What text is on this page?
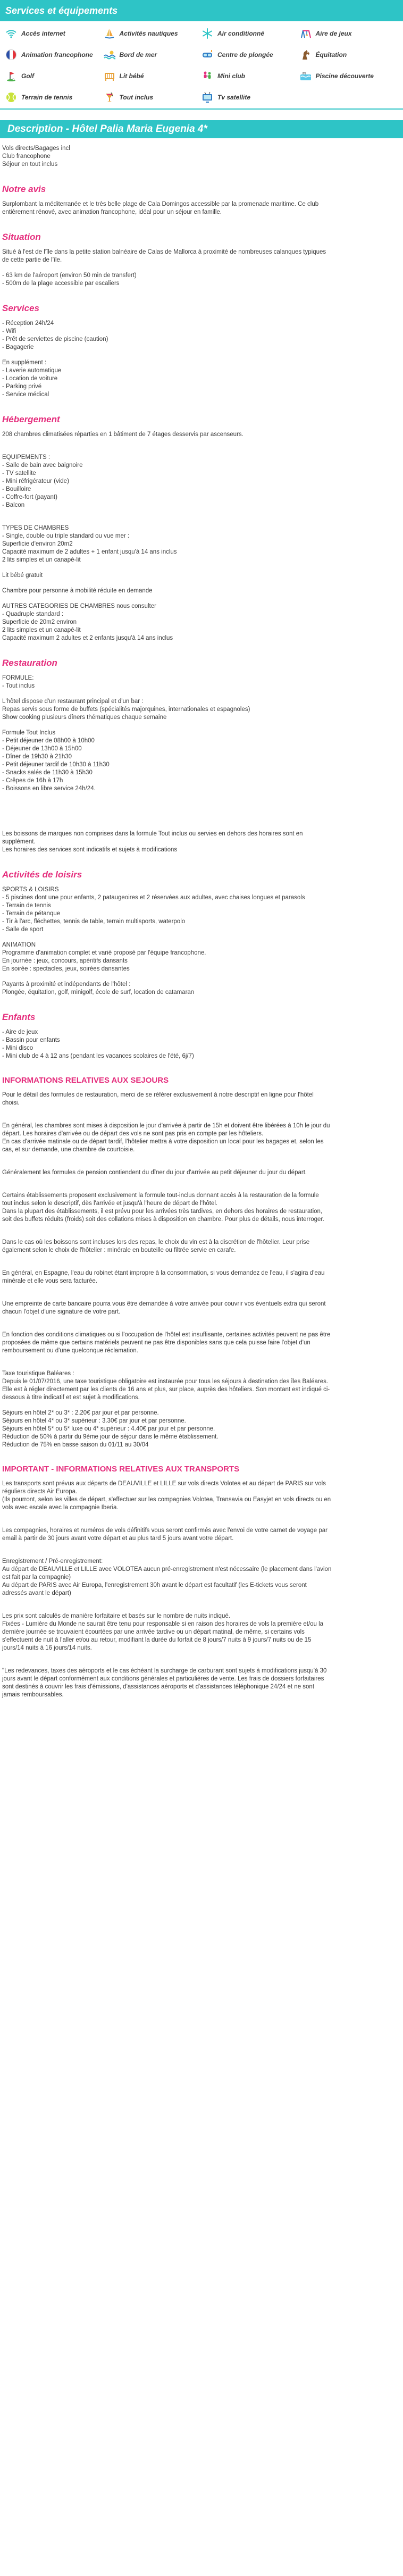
Services et équipements
Accès internet	Activités nautiques	Air conditionné	Aire de jeux
Animation francophone	Bord de mer	Centre de plongée	Équitation
Golf	Lit bébé	Mini club	Piscine découverte
Terrain de tennis	Tout inclus	Tv satellite
Description - Hôtel Palia Maria Eugenia 4*

Vols directs/Bagages incl

Club francophone

Séjour en tout inclus

Notre avis

Surplombant la méditerranée et le très belle plage de Cala Domingos accessible par la promenade maritime. Ce club

entièrement rénové, avec animation francophone, idéal pour un séjour en famille.

Situation

Situé à l'est de l'île dans la petite station balnéaire de Calas de Mallorca à proximité de nombreuses calanques typiques

de cette partie de l'île.

- 63 km de l'aéroport (environ 50 min de transfert)

- 500m de la plage accessible par escaliers

Services

- Réception 24h/24

- Wifi

- Prêt de serviettes de piscine (caution)

- Bagagerie

En supplément :

- Laverie automatique

- Location de voiture

- Parking privé

- Service médical

Hébergement

208 chambres climatisées réparties en 1 bâtiment de 7 étages desservis par ascenseurs.

EQUIPEMENTS :

- Salle de bain avec baignoire

- TV satellite

- Mini réfrigérateur (vide)

- Bouilloire

- Coffre-fort (payant)

- Balcon

TYPES DE CHAMBRES

- Single, double ou triple standard ou vue mer :

Superficie d'environ 20m2

Capacité maximum de 2 adultes + 1 enfant jusqu'à 14 ans inclus

2 lits simples et un canapé-lit

Lit bébé gratuit

Chambre pour personne à mobilité réduite en demande

AUTRES CATEGORIES DE CHAMBRES nous consulter

- Quadruple standard :

Superficie de 20m2 environ

2 lits simples et un canapé-lit

Capacité maximum 2 adultes et 2 enfants jusqu'à 14 ans inclus

Restauration

FORMULE:

- Tout inclus

L'hôtel dispose d'un restaurant principal et d'un bar :

Repas servis sous forme de buffets (spécialités majorquines, internationales et espagnoles)

Show cooking plusieurs dîners thématiques chaque semaine

Formule Tout Inclus

- Petit déjeuner de 08h00 à 10h00

- Déjeuner de 13h00 à 15h00

- Dîner de 19h30 à 21h30

- Petit déjeuner tardif de 10h30 à 11h30

- Snacks salés de 11h30 à 15h30

- Crêpes de 16h à 17h

- Boissons en libre service 24h/24.

Les boissons de marques non comprises dans la formule Tout inclus ou servies en dehors des horaires sont en

supplément.

Les horaires des services sont indicatifs et sujets à modifications

Activités de loisirs

SPORTS & LOISIRS

- 5 piscines dont une pour enfants, 2 pataugeoires et 2 réservées aux adultes, avec chaises longues et parasols

- Terrain de tennis

- Terrain de pétanque

- Tir à l'arc, fléchettes, tennis de table, terrain multisports, waterpolo

- Salle de sport

ANIMATION

Programme d'animation complet et varié proposé par l'équipe francophone.

En journée : jeux, concours, apéritifs dansants

En soirée : spectacles, jeux, soirées dansantes

Payants à proximité et indépendants de l'hôtel :

Plongée, équitation, golf, minigolf, école de surf, location de catamaran

Enfants

- Aire de jeux

- Bassin pour enfants

- Mini disco

- Mini club de 4 à 12 ans (pendant les vacances scolaires de l'été, 6j/7)

INFORMATIONS RELATIVES AUX SEJOURS

Pour le détail des formules de restauration, merci de se référer exclusivement à notre descriptif en ligne pour l'hôtel

choisi.

En général, les chambres sont mises à disposition le jour d'arrivée à partir de 15h et doivent être libérées à 10h le jour du

départ. Les horaires d'arrivée ou de départ des vols ne sont pas pris en compte par les hôteliers.

En cas d'arrivée matinale ou de départ tardif, l'hôtelier mettra à votre disposition un local pour les bagages et, selon les

cas, et sur demande, une chambre de courtoisie.

Généralement les formules de pension contiendent du dîner du jour d'arrivée au petit déjeuner du jour du départ.

Certains établissements proposent exclusivement la formule tout-inclus donnant accès à la restauration de la formule

tout inclus selon le descriptif, dès l'arrivée et jusqu'à l'heure de départ de l'hôtel.

Dans la plupart des établissements, il est prévu pour les arrivées très tardives, en dehors des horaires de restauration,

soit des buffets réduits (froids) soit des collations mises à disposition en chambre. Pour plus de détails, nous interroger.

Dans le cas où les boissons sont incluses lors des repas, le choix du vin est à la discrétion de l'hôtelier. Leur prise

également selon le choix de l'hôtelier : minérale en bouteille ou filtrée servie en carafe.

En général, en Espagne, l'eau du robinet étant impropre à la consommation, si vous demandez de l'eau, il s'agira d'eau

minérale et elle vous sera facturée.

Une empreinte de carte bancaire pourra vous être demandée à votre arrivée pour couvrir vos éventuels extra qui seront

chacun l'objet d'une signature de votre part.

En fonction des conditions climatiques ou si l'occupation de l'hôtel est insuffisante, certaines activités peuvent ne pas être

proposées de même que certains matériels peuvent ne pas être disponibles sans que cela puisse faire l'objet d'un

remboursement ou d'une quelconque réclamation.

Taxe touristique Baléares :

Depuis le 01/07/2016, une taxe touristique obligatoire est instaurée pour tous les séjours à destination des îles Baléares.

Elle est à régler directement par les clients de 16 ans et plus, sur place, auprès des hôteliers. Son montant est indiqué ci-

dessous à titre indicatif et est sujet à modifications.

Séjours en hôtel 2* ou 3* : 2.20€ par jour et par personne.

Séjours en hôtel 4* ou 3* supérieur : 3.30€ par jour et par personne.

Séjours en hôtel 5* ou 5* luxe ou 4* supérieur : 4.40€ par jour et par personne.

Réduction de 50% à partir du 9ème jour de séjour dans le même établissement.

Réduction de 75% en basse saison du 01/11 au 30/04

IMPORTANT - INFORMATIONS RELATIVES AUX TRANSPORTS

Les transports sont prévus aux départs de DEAUVILLE et LILLE sur vols directs Volotea et au départ de PARIS sur vols

réguliers directs Air Europa.

(Ils pourront, selon les villes de départ, s'effectuer sur les compagnies Volotea, Transavia ou Easyjet en vols directs ou en

vols avec escale avec la compagnie Iberia.

Les compagnies, horaires et numéros de vols définitifs vous seront confirmés avec l'envoi de votre carnet de voyage par

email à partir de 30 jours avant votre départ et au plus tard 5 jours avant votre départ.

Enregistrement / Pré-enregistrement:

Au départ de DEAUVILLE et LILLE avec VOLOTEA aucun pré-enregistrement n'est nécessaire (le placement dans l'avion

est fait par la compagnie)

Au départ de PARIS avec Air Europa, l'enregistrement 30h avant le départ est facultatif (les E-tickets vous seront

adressés avant le départ)

Les prix sont calculés de manière forfaitaire et basés sur le nombre de nuits indiqué.

Fixées - Lumière du Monde ne saurait être tenu pour responsable si en raison des horaires de vols la première et/ou la

dernière journée se trouvaient écourtées par une arrivée tardive ou un départ matinal, de même, si certains vols

s'effectuent de nuit à l'aller et/ou au retour, modifiant la durée du forfait de 8 jours/7 nuits à 9 jours/7 nuits ou de 15

jours/14 nuits à 16 jours/14 nuits.

"Les redevances, taxes des aéroports et le cas échéant la surcharge de carburant sont sujets à modifications jusqu'à 30

jours avant le départ conformément aux conditions générales et particulières de vente. Les frais de dossiers forfaitaires

sont destinés à couvrir les frais d'émissions, d'assistances aéroports et d'assistances téléphonique 24/24 et ne sont

jamais remboursables.
